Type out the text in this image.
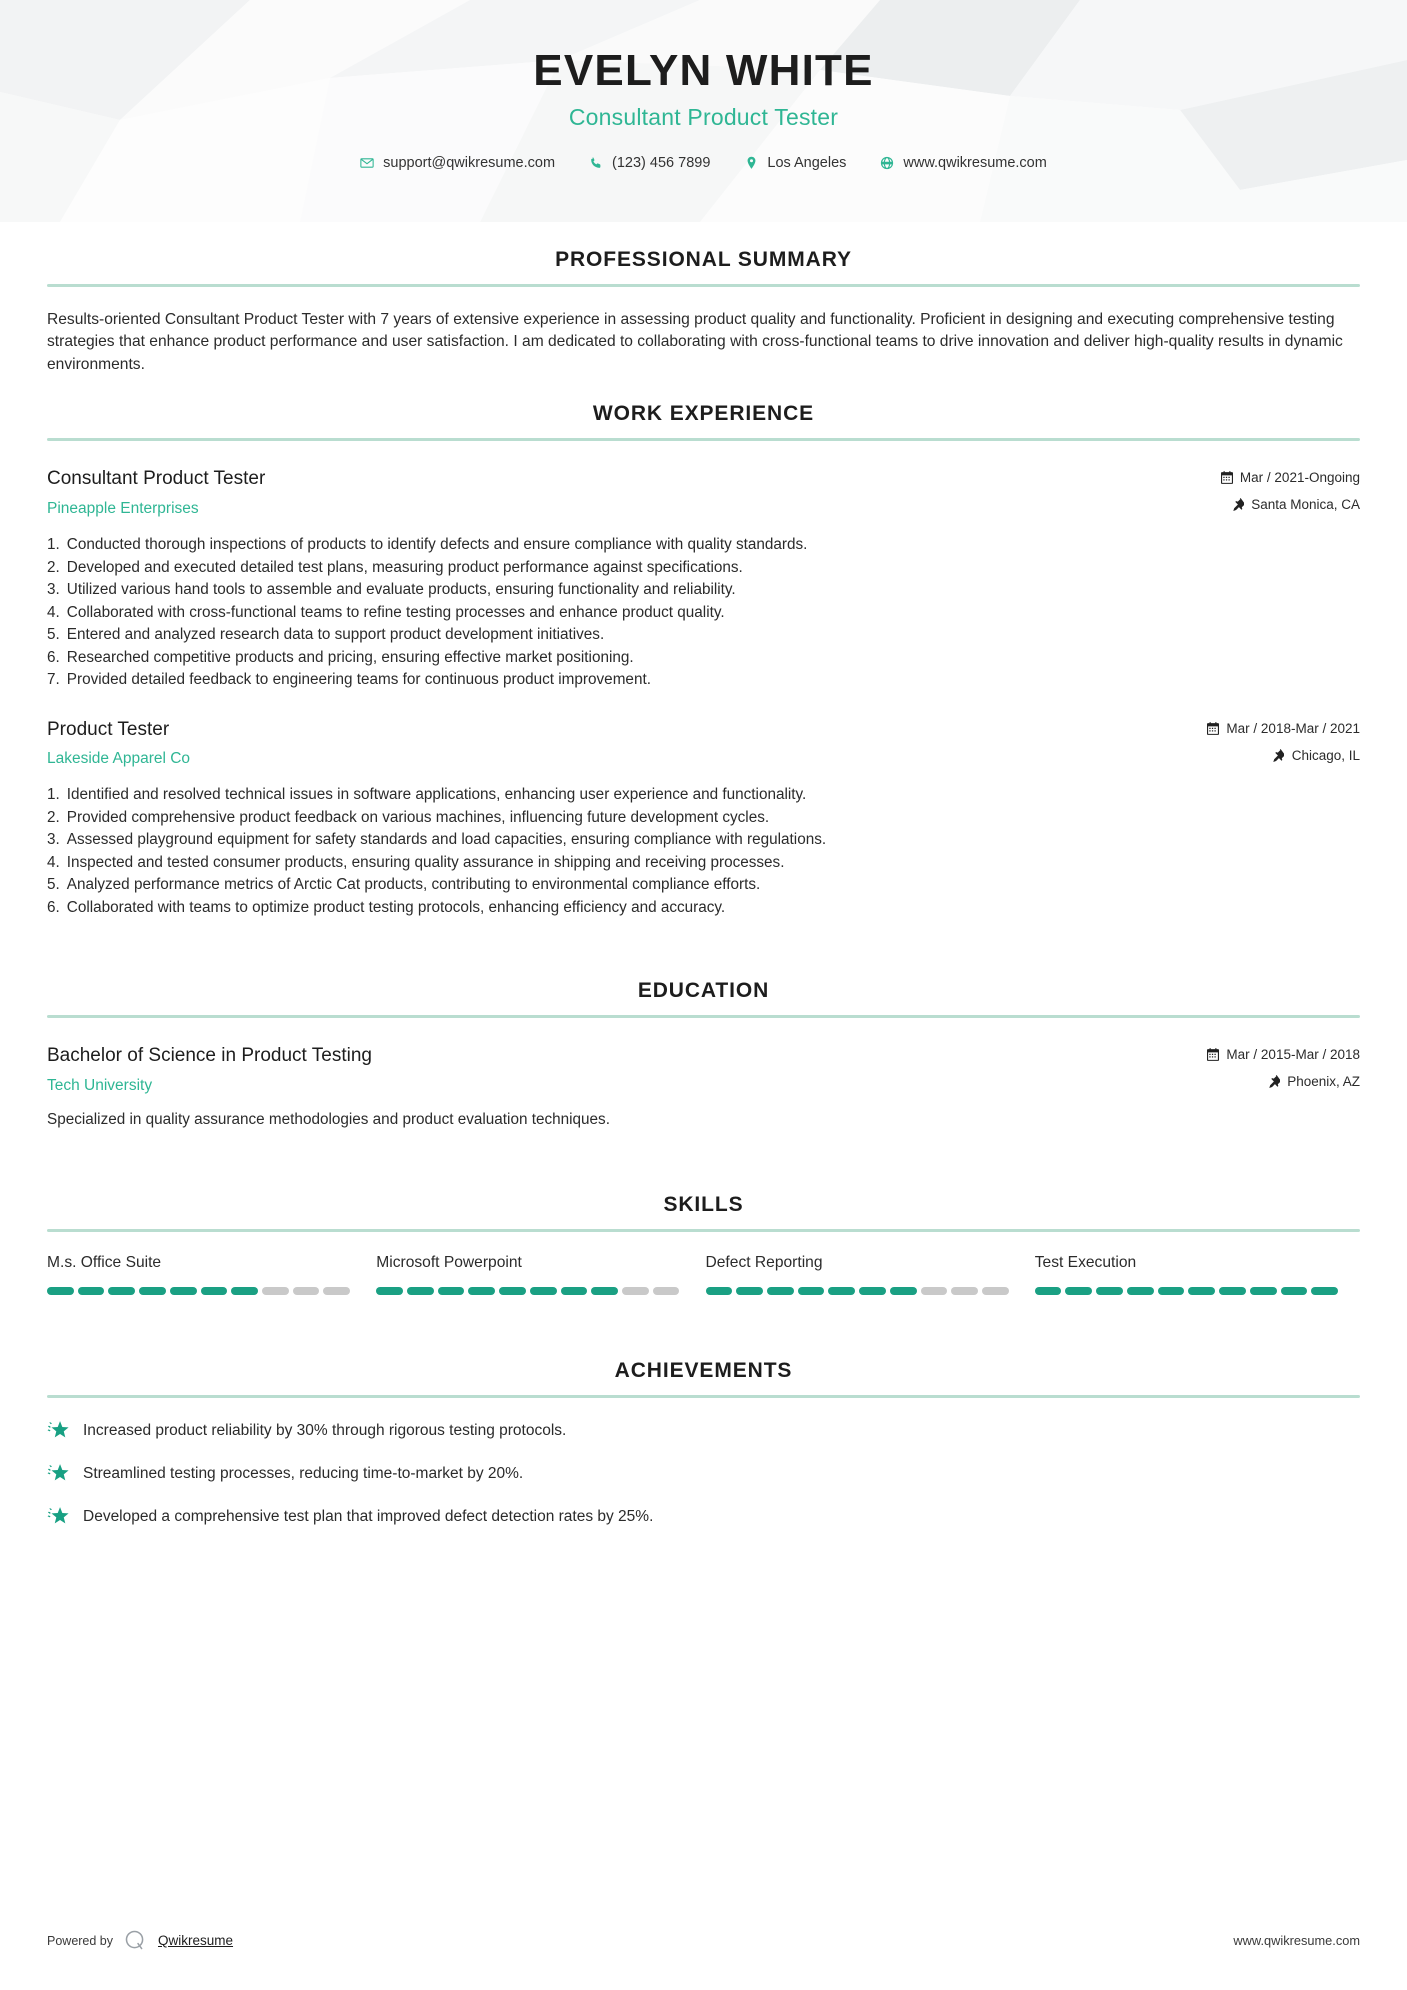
EVELYN WHITE
Consultant Product Tester
support@qwikresume.com	(123) 456 7899	Los Angeles	www.qwikresume.com
PROFESSIONAL SUMMARY

Results-oriented Consultant Product Tester with 7 years of extensive experience in assessing product quality and functionality. Proficient in designing and executing comprehensive testing strategies that enhance product performance and user satisfaction. I am dedicated to collaborating with cross-functional teams to drive innovation and deliver high-quality results in dynamic environments.

WORK EXPERIENCE
Consultant Product Tester
Pineapple Enterprises
Mar / 2021-Ongoing
Santa Monica, CA
1. Conducted thorough inspections of products to identify defects and ensure compliance with quality standards.
2. Developed and executed detailed test plans, measuring product performance against specifications.
3. Utilized various hand tools to assemble and evaluate products, ensuring functionality and reliability.
4. Collaborated with cross-functional teams to refine testing processes and enhance product quality.
5. Entered and analyzed research data to support product development initiatives.
6. Researched competitive products and pricing, ensuring effective market positioning.
7. Provided detailed feedback to engineering teams for continuous product improvement.
Product Tester
Lakeside Apparel Co
Mar / 2018-Mar / 2021
Chicago, IL
1. Identified and resolved technical issues in software applications, enhancing user experience and functionality.
2. Provided comprehensive product feedback on various machines, influencing future development cycles.
3. Assessed playground equipment for safety standards and load capacities, ensuring compliance with regulations.
4. Inspected and tested consumer products, ensuring quality assurance in shipping and receiving processes.
5. Analyzed performance metrics of Arctic Cat products, contributing to environmental compliance efforts.
6. Collaborated with teams to optimize product testing protocols, enhancing efficiency and accuracy.
EDUCATION
Bachelor of Science in Product Testing
Tech University
Mar / 2015-Mar / 2018
Phoenix, AZ
Specialized in quality assurance methodologies and product evaluation techniques.
SKILLS
M.s. Office Suite	Microsoft Powerpoint	Defect Reporting	Test Execution
ACHIEVEMENTS
Increased product reliability by 30% through rigorous testing protocols.
Streamlined testing processes, reducing time-to-market by 20%.
Developed a comprehensive test plan that improved defect detection rates by 25%.
Powered by	Qwikresume	www.qwikresume.com
